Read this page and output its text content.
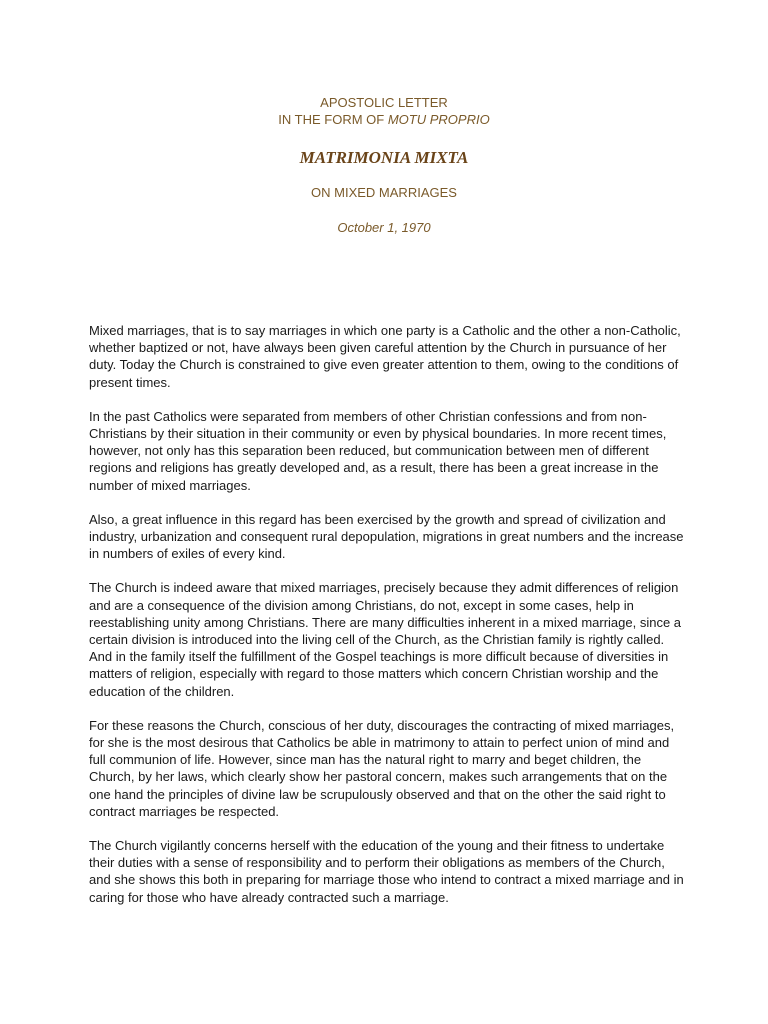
APOSTOLIC LETTER
IN THE FORM OF MOTU PROPRIO
MATRIMONIA MIXTA
ON MIXED MARRIAGES
October 1, 1970

Mixed marriages, that is to say marriages in which one party is a Catholic and the other a non-Catholic, whether baptized or not, have always been given careful attention by the Church in pursuance of her duty. Today the Church is constrained to give even greater attention to them, owing to the conditions of present times.

In the past Catholics were separated from members of other Christian confessions and from non-Christians by their situation in their community or even by physical boundaries. In more recent times, however, not only has this separation been reduced, but communication between men of different regions and religions has greatly developed and, as a result, there has been a great increase in the number of mixed marriages.

Also, a great influence in this regard has been exercised by the growth and spread of civilization and industry, urbanization and consequent rural depopulation, migrations in great numbers and the increase in numbers of exiles of every kind.

The Church is indeed aware that mixed marriages, precisely because they admit differences of religion and are a consequence of the division among Christians, do not, except in some cases, help in reestablishing unity among Christians. There are many difficulties inherent in a mixed marriage, since a certain division is introduced into the living cell of the Church, as the Christian family is rightly called. And in the family itself the fulfillment of the Gospel teachings is more difficult because of diversities in matters of religion, especially with regard to those matters which concern Christian worship and the education of the children.

For these reasons the Church, conscious of her duty, discourages the contracting of mixed marriages, for she is the most desirous that Catholics be able in matrimony to attain to perfect union of mind and full communion of life. However, since man has the natural right to marry and beget children, the Church, by her laws, which clearly show her pastoral concern, makes such arrangements that on the one hand the principles of divine law be scrupulously observed and that on the other the said right to contract marriages be respected.

The Church vigilantly concerns herself with the education of the young and their fitness to undertake their duties with a sense of responsibility and to perform their obligations as members of the Church, and she shows this both in preparing for marriage those who intend to contract a mixed marriage and in caring for those who have already contracted such a marriage.
